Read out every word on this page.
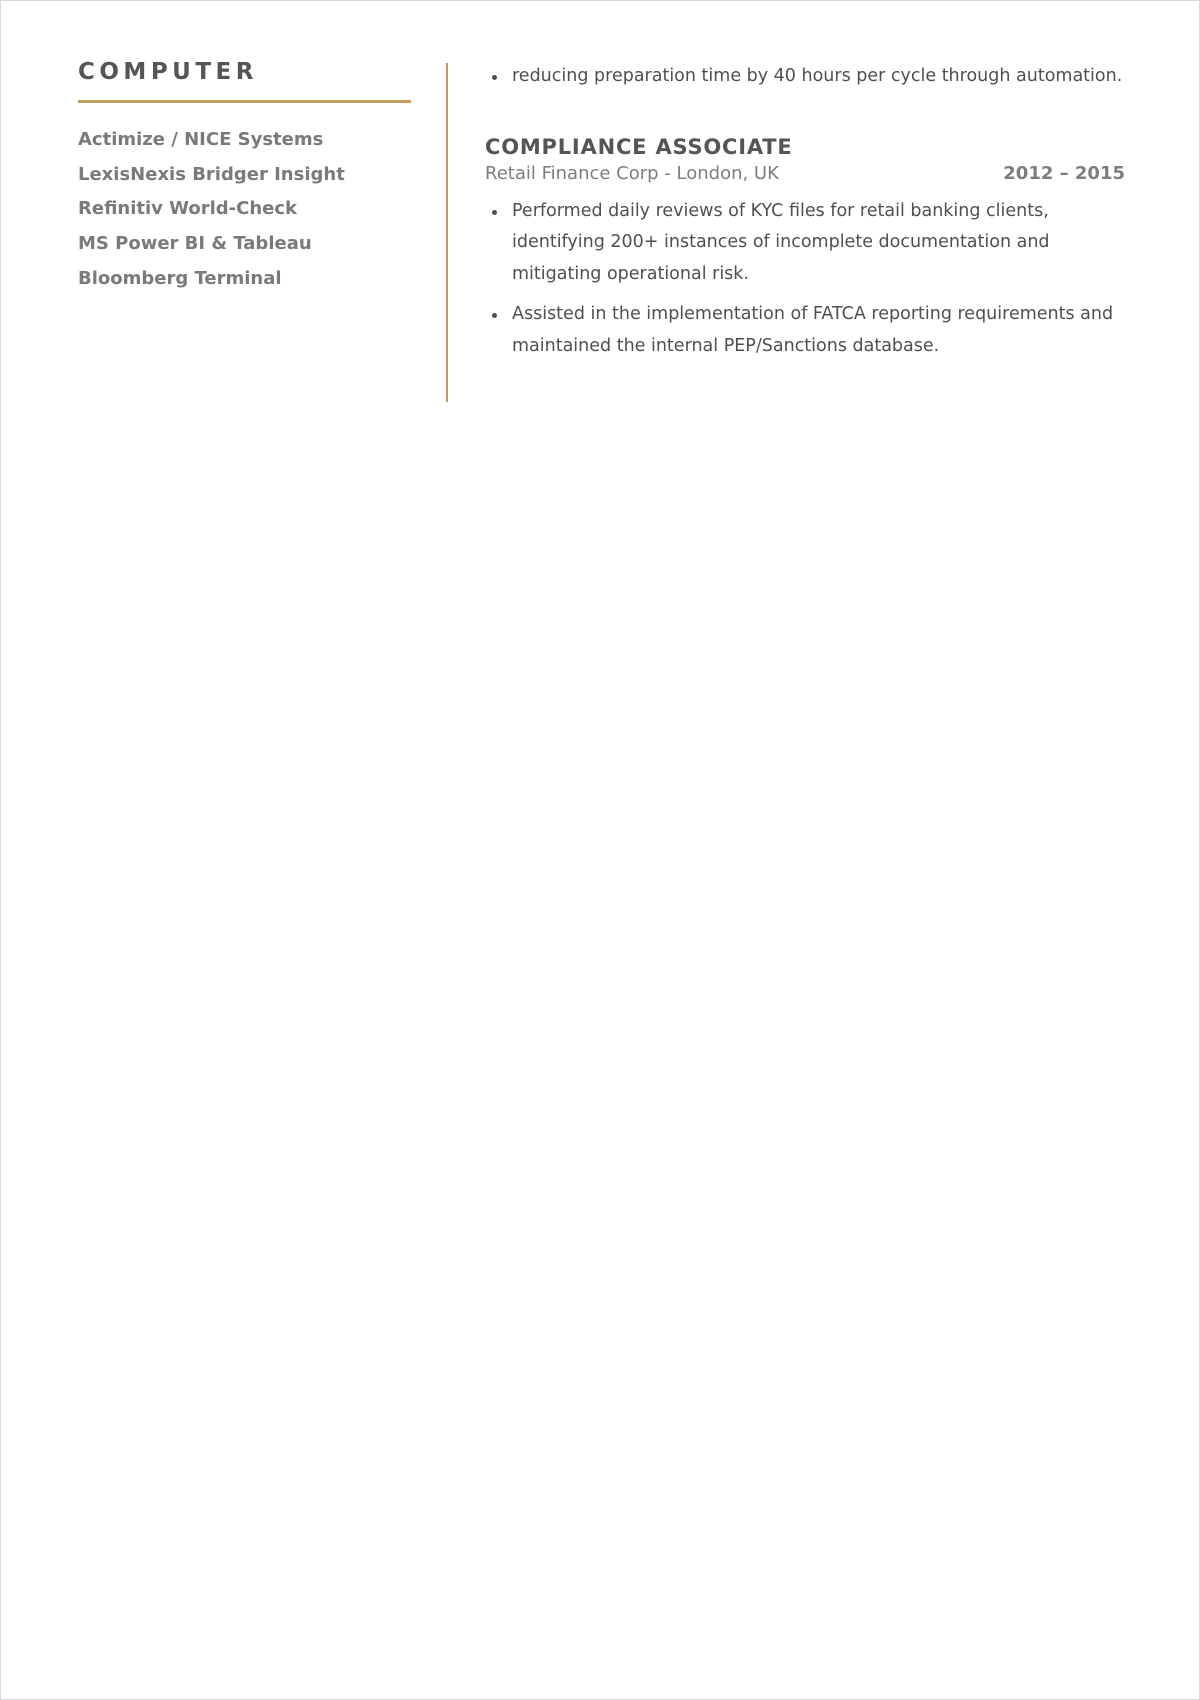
COMPUTER
Actimize / NICE Systems
LexisNexis Bridger Insight
Refinitiv World-Check
MS Power BI & Tableau
Bloomberg Terminal
reducing preparation time by 40 hours per cycle through automation.
COMPLIANCE ASSOCIATE
Retail Finance Corp - London, UK	2012 – 2015
Performed daily reviews of KYC files for retail banking clients, identifying 200+ instances of incomplete documentation and mitigating operational risk.
Assisted in the implementation of FATCA reporting requirements and maintained the internal PEP/Sanctions database.
